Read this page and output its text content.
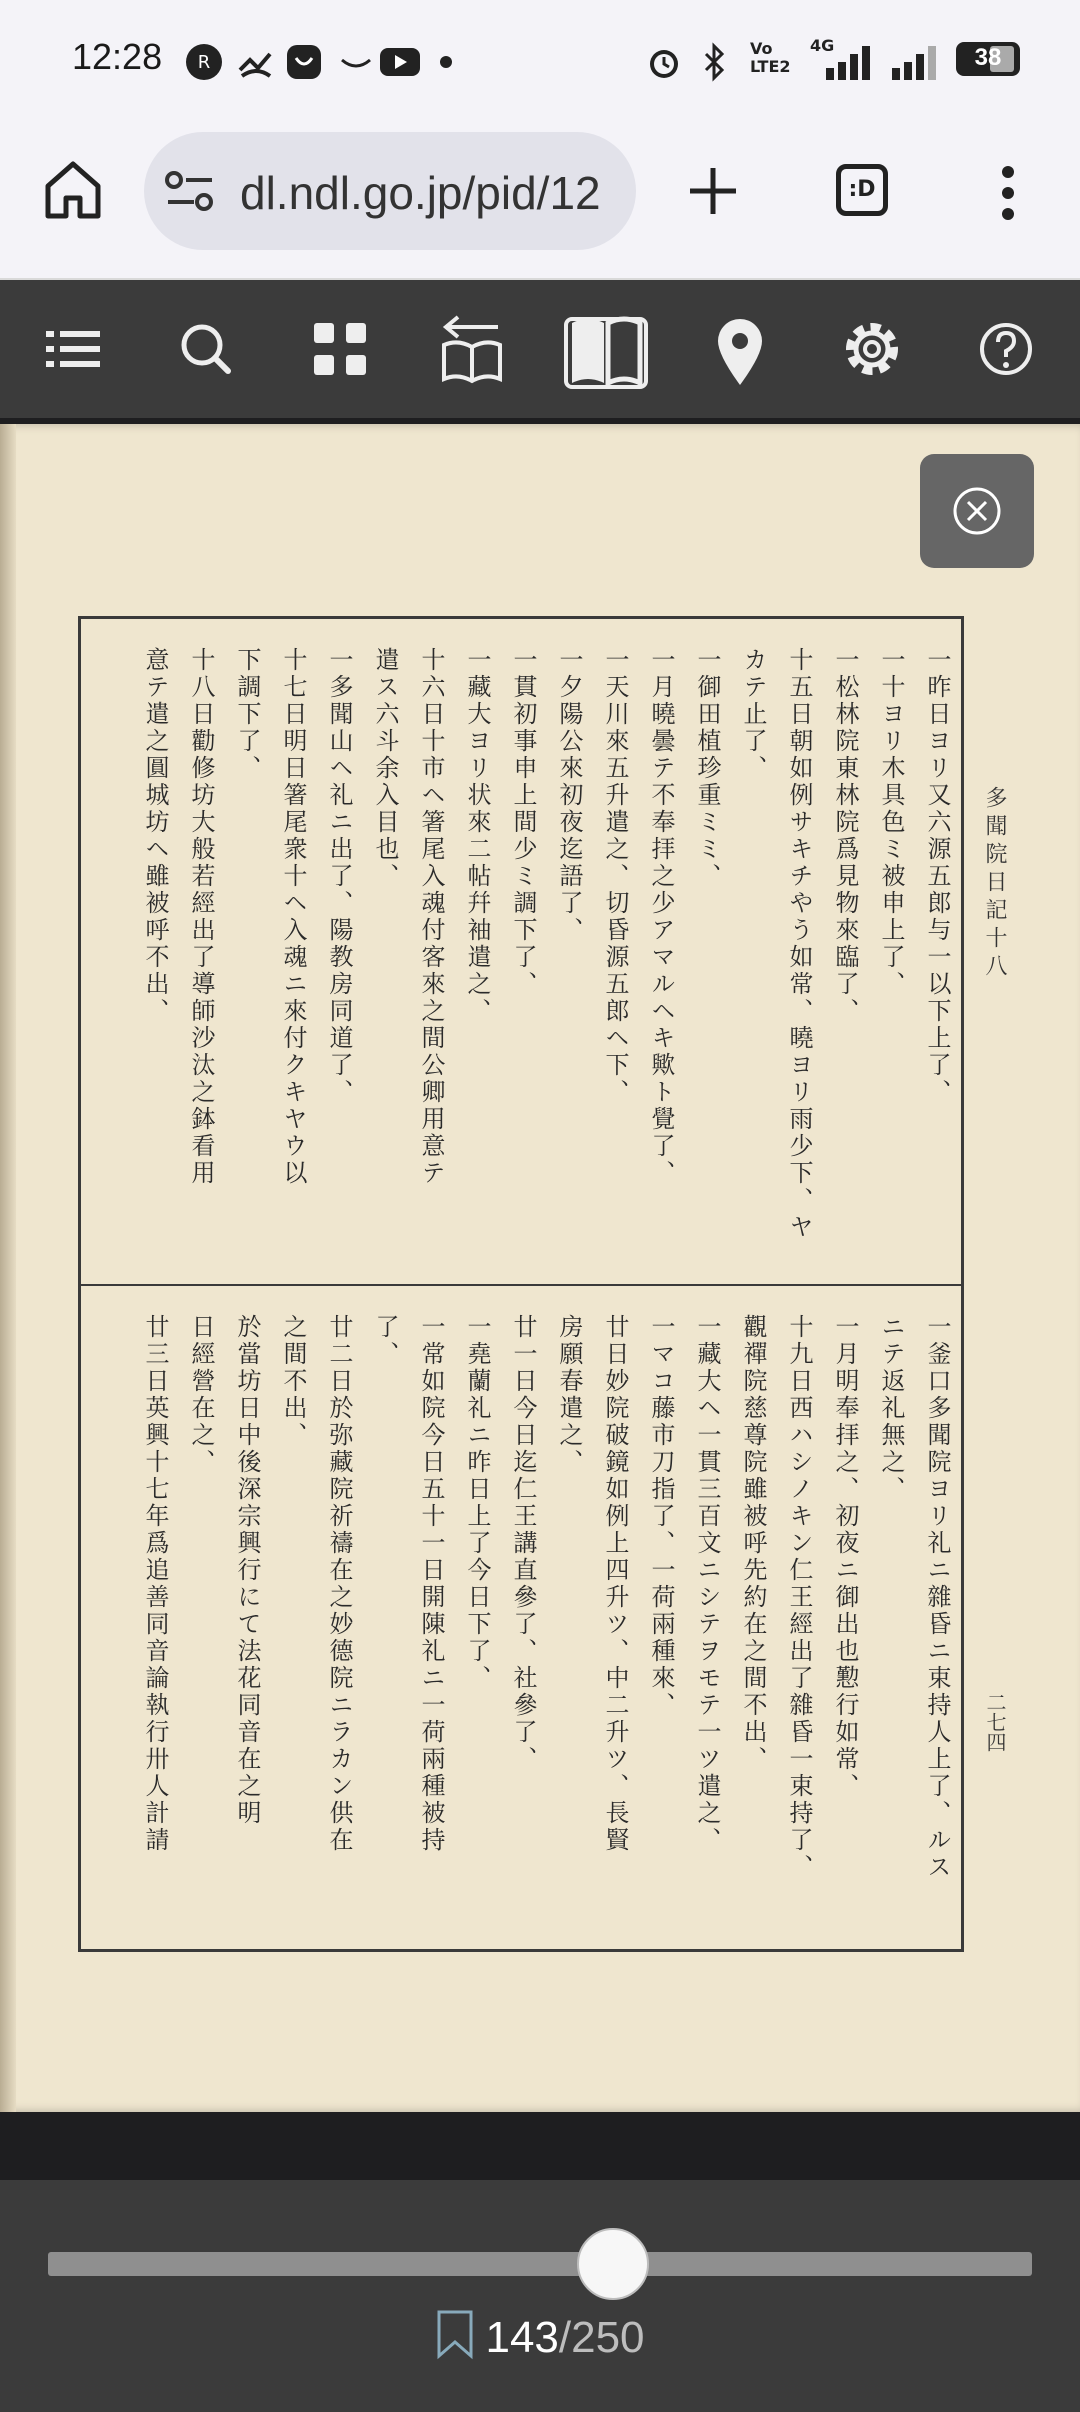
12:28 R
Vo LTE2
4G	38
dl.ndl.go.jp/pid/12	:D
多聞院日記十八
二七四
一昨日ヨリ又六源五郎与一以下上了、
一十ヨリ木具色ミ被申上了、
一松林院東林院爲見物來臨了、
十五日朝如例サキチやう如常、曉ヨリ雨少下、ヤ
カテ止了、
一御田植珍重ミミ、
一月曉曇テ不奉拝之少アマルヘキ歟ト覺了、
一天川來五升遣之、切昏源五郎ヘ下、
一夕陽公來初夜迄語了、
一貫初事申上間少ミ調下了、
一藏大ヨリ状來二帖幷袖遣之、
十六日十市ヘ箸尾入魂付客來之間公卿用意テ
遣ス六斗余入目也、
一多聞山ヘ礼ニ出了、陽教房同道了、
十七日明日箸尾衆十ヘ入魂ニ來付クキヤウ以
下調下了、
十八日勸修坊大般若經出了導師沙汰之鉢看用
意テ遣之圓城坊ヘ雖被呼不出、
一釜口多聞院ヨリ礼ニ雜昏ニ束持人上了、ルス
ニテ返礼無之、
一月明奉拝之、初夜ニ御出也懃行如常、
十九日西ハシノキン仁王經出了雜昏一束持了、
觀禪院慈尊院雖被呼先約在之間不出、
一藏大ヘ一貫三百文ニシテヲモテ一ツ遣之、
一マコ藤市刀指了、一荷兩種來、
廿日妙院破鏡如例上四升ツ、中二升ツ、長賢
房願春遣之、
廿一日今日迄仁王講直參了、社參了、
一堯蘭礼ニ昨日上了今日下了、
一常如院今日五十一日開陳礼ニ一荷兩種被持
了、
廿二日於弥藏院祈禱在之妙德院ニラカン供在
之間不出、
於當坊日中後深宗興行にて法花同音在之明
日經營在之、
廿三日英興十七年爲追善同音論執行卅人計請
143/250
